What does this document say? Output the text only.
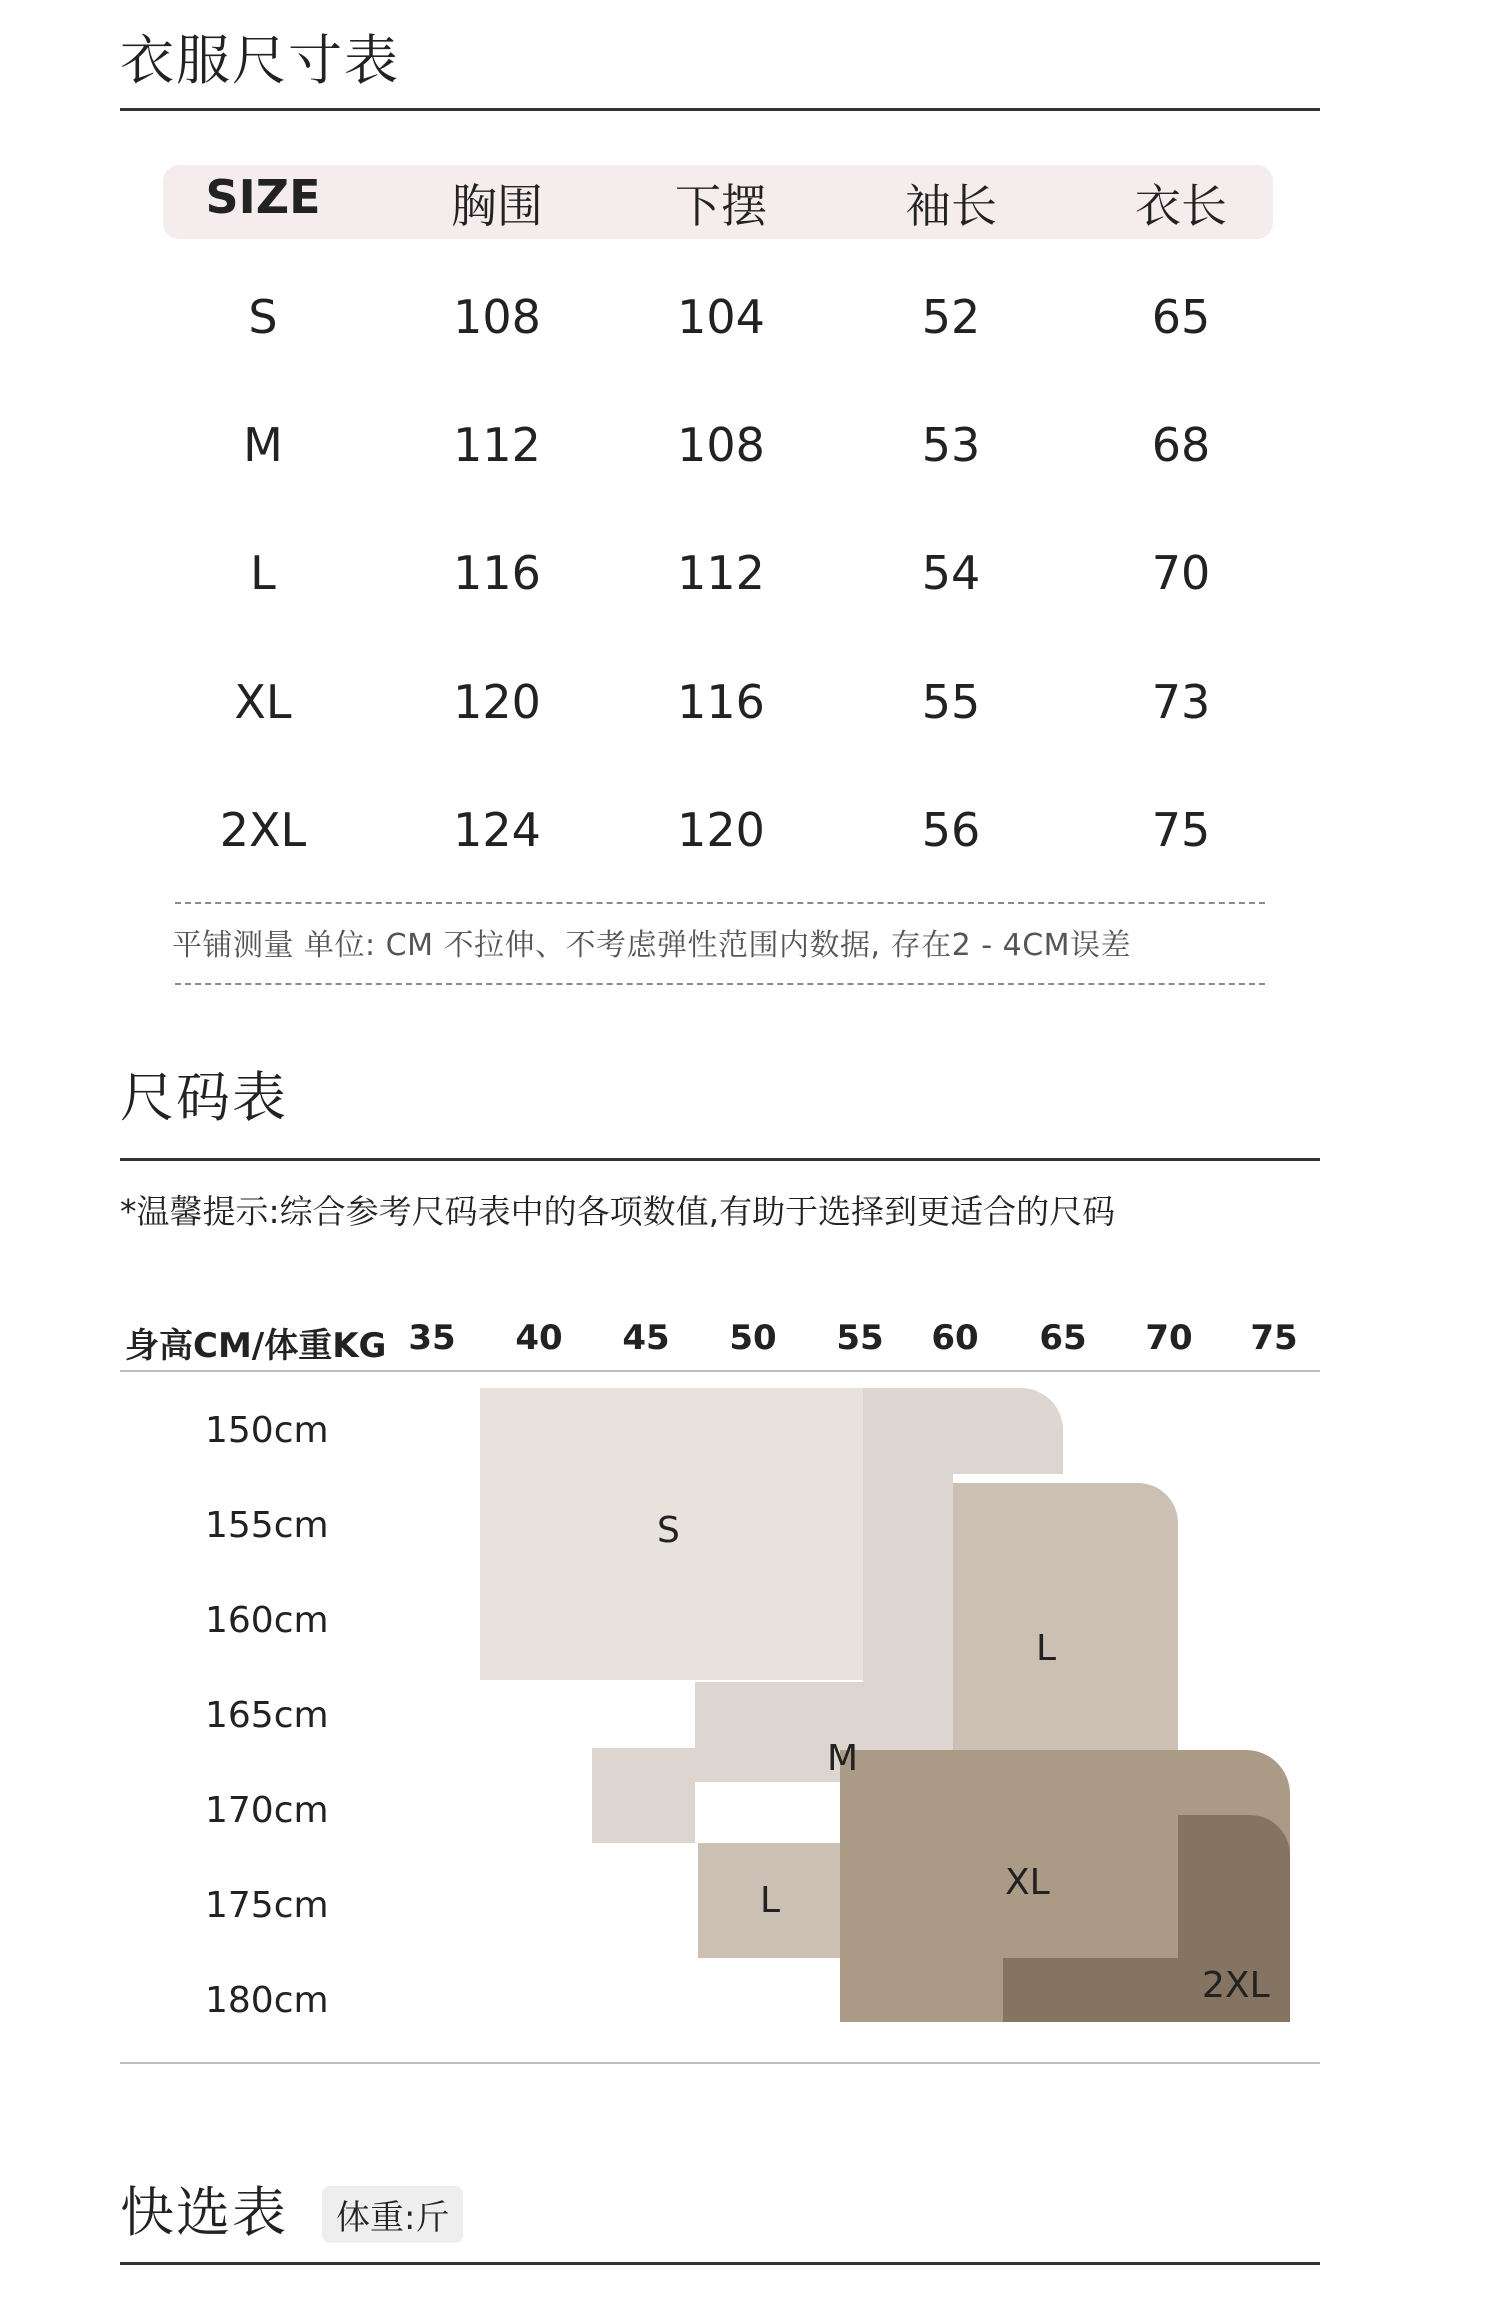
衣服尺寸表
SIZE	胸围	下摆	袖长	衣长
S	108	104	52	65
M	112	108	53	68
L	116	112	54	70
XL	120	116	55	73
2XL	124	120	56	75
平铺测量 单位: CM 不拉伸、不考虑弹性范围内数据, 存在2 - 4CM误差
尺码表
*温馨提示:综合参考尺码表中的各项数值,有助于选择到更适合的尺码
身高CM/体重KG 35 40 45 50 55 60 65 70 75
150cm
155cm
160cm
165cm
170cm
175cm
180cm
S
M
L
L	XL
2XL
快选表	体重:斤
